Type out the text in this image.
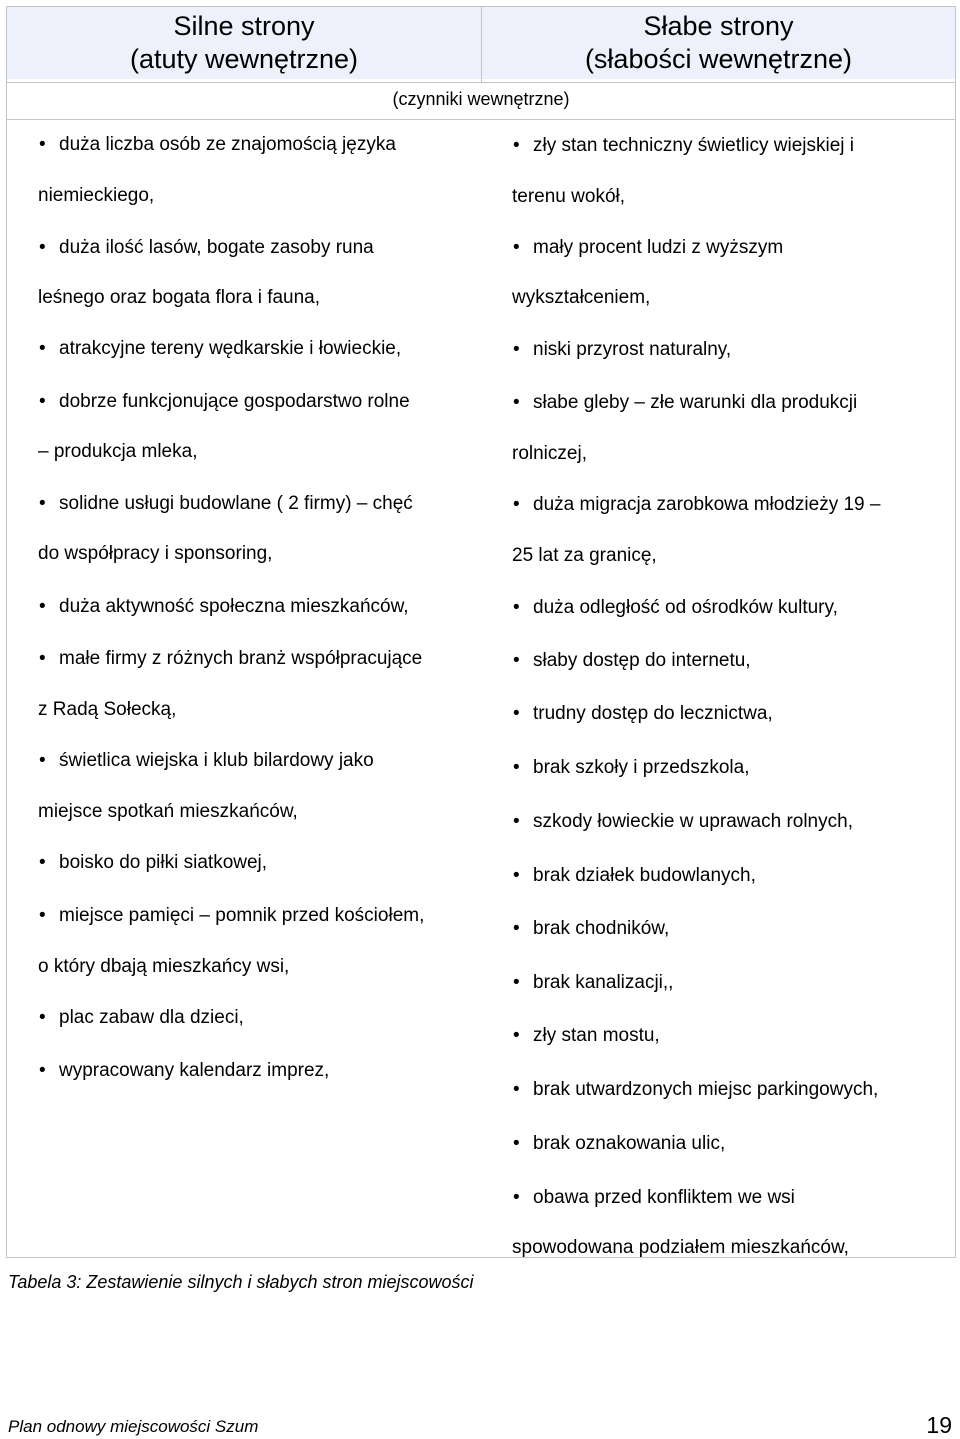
Silne strony
(atuty wewnętrzne)
Słabe strony
(słabości wewnętrzne)
(czynniki wewnętrzne)
• duża liczba osób ze znajomością języka
niemieckiego,
• duża ilość lasów, bogate zasoby runa
leśnego oraz bogata flora i fauna,
• atrakcyjne tereny wędkarskie i łowieckie,
• dobrze funkcjonujące gospodarstwo rolne
– produkcja mleka,
• solidne usługi budowlane ( 2 firmy) – chęć
do współpracy i sponsoring,
• duża aktywność społeczna mieszkańców,
• małe firmy z różnych branż współpracujące
z Radą Sołecką,
• świetlica wiejska i klub bilardowy jako
miejsce spotkań mieszkańców,
• boisko do piłki siatkowej,
• miejsce pamięci – pomnik przed kościołem,
o który dbają mieszkańcy wsi,
• plac zabaw dla dzieci,
• wypracowany kalendarz imprez,
• zły stan techniczny świetlicy wiejskiej i
terenu wokół,
• mały procent ludzi z wyższym
wykształceniem,
• niski przyrost naturalny,
• słabe gleby – złe warunki dla produkcji
rolniczej,
• duża migracja zarobkowa młodzieży 19 –
25 lat za granicę,
• duża odległość od ośrodków kultury,
• słaby dostęp do internetu,
• trudny dostęp do lecznictwa,
• brak szkoły i przedszkola,
• szkody łowieckie w uprawach rolnych,
• brak działek budowlanych,
• brak chodników,
• brak kanalizacji,,
• zły stan mostu,
• brak utwardzonych miejsc parkingowych,
• brak oznakowania ulic,
• obawa przed konfliktem we wsi
spowodowana podziałem mieszkańców,
Tabela 3: Zestawienie silnych i słabych stron miejscowości
Plan odnowy miejscowości Szum	19
